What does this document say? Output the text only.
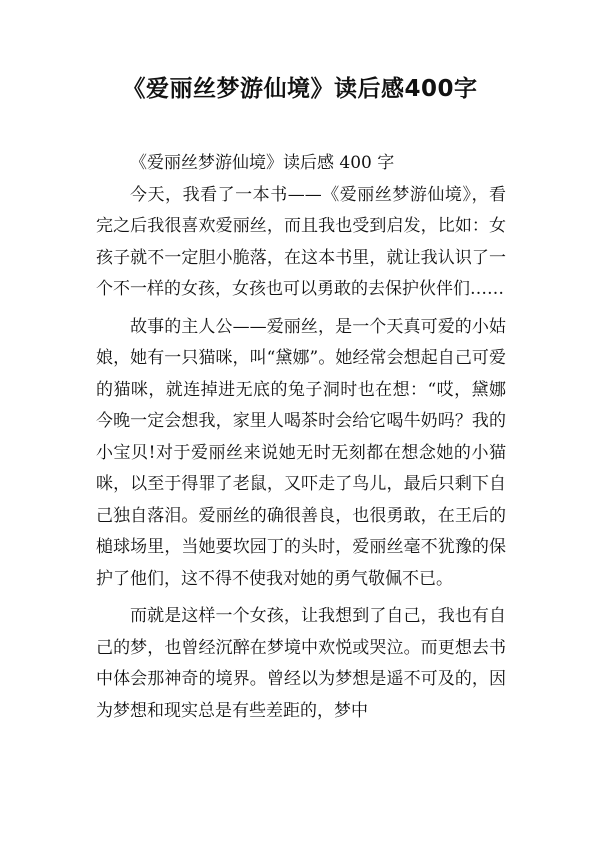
《爱丽丝梦游仙境》读后感400字

《爱丽丝梦游仙境》读后感 400 字

今天，我看了一本书——《爱丽丝梦游仙境》，看完之后我很喜欢爱丽丝，而且我也受到启发，比如：女孩子就不一定胆小脆落，在这本书里，就让我认识了一个不一样的女孩，女孩也可以勇敢的去保护伙伴们……

故事的主人公——爱丽丝，是一个天真可爱的小姑娘，她有一只猫咪，叫“黛娜”。她经常会想起自己可爱的猫咪，就连掉进无底的兔子洞时也在想：“哎，黛娜今晚一定会想我，家里人喝茶时会给它喝牛奶吗？我的小宝贝!对于爱丽丝来说她无时无刻都在想念她的小猫咪，以至于得罪了老鼠，又吓走了鸟儿，最后只剩下自己独自落泪。爱丽丝的确很善良，也很勇敢，在王后的槌球场里，当她要坎园丁的头时，爱丽丝毫不犹豫的保护了他们，这不得不使我对她的勇气敬佩不已。

而就是这样一个女孩，让我想到了自己，我也有自己的梦，也曾经沉醉在梦境中欢悦或哭泣。而更想去书中体会那神奇的境界。曾经以为梦想是遥不可及的，因为梦想和现实总是有些差距的，梦中
